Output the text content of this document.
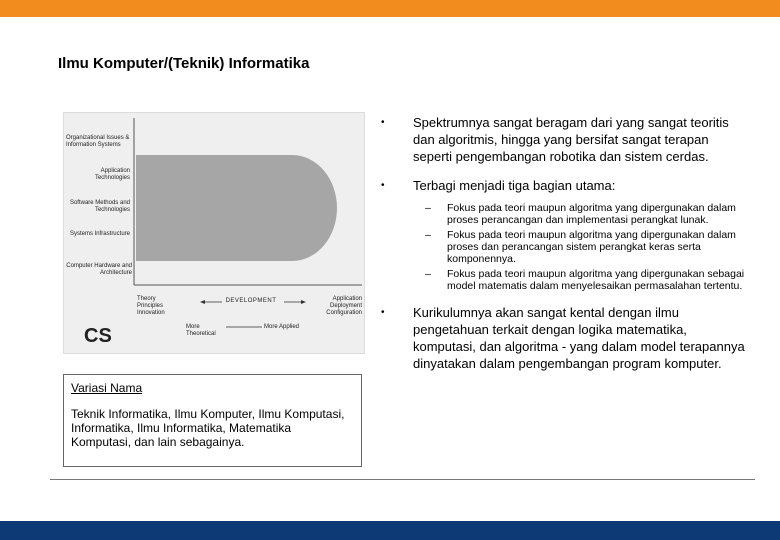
Ilmu Komputer/(Teknik) Informatika
Organizational Issues & Information Systems
Application Technologies
Software Methods and Technologies
Systems Infrastructure
Computer Hardware and Architecture
Theory Principles Innovation
DEVELOPMENT	Application Deployment Configuration
More Theoretical
More Applied
CS
Variasi Nama
Teknik Informatika, Ilmu Komputer, Ilmu Komputasi, Informatika, Ilmu Informatika, Matematika Komputasi, dan lain sebagainya.
• Spektrumnya sangat beragam dari yang sangat teoritis dan algoritmis, hingga yang bersifat sangat terapan seperti pengembangan robotika dan sistem cerdas.
• Terbagi menjadi tiga bagian utama:
– Fokus pada teori maupun algoritma yang dipergunakan dalam proses perancangan dan implementasi perangkat lunak.
– Fokus pada teori maupun algoritma yang dipergunakan dalam proses dan perancangan sistem perangkat keras serta komponennya.
– Fokus pada teori maupun algoritma yang dipergunakan sebagai model matematis dalam menyelesaikan permasalahan tertentu.
• Kurikulumnya akan sangat kental dengan ilmu pengetahuan terkait dengan logika matematika, komputasi, dan algoritma - yang dalam model terapannya dinyatakan dalam pengembangan program komputer.
